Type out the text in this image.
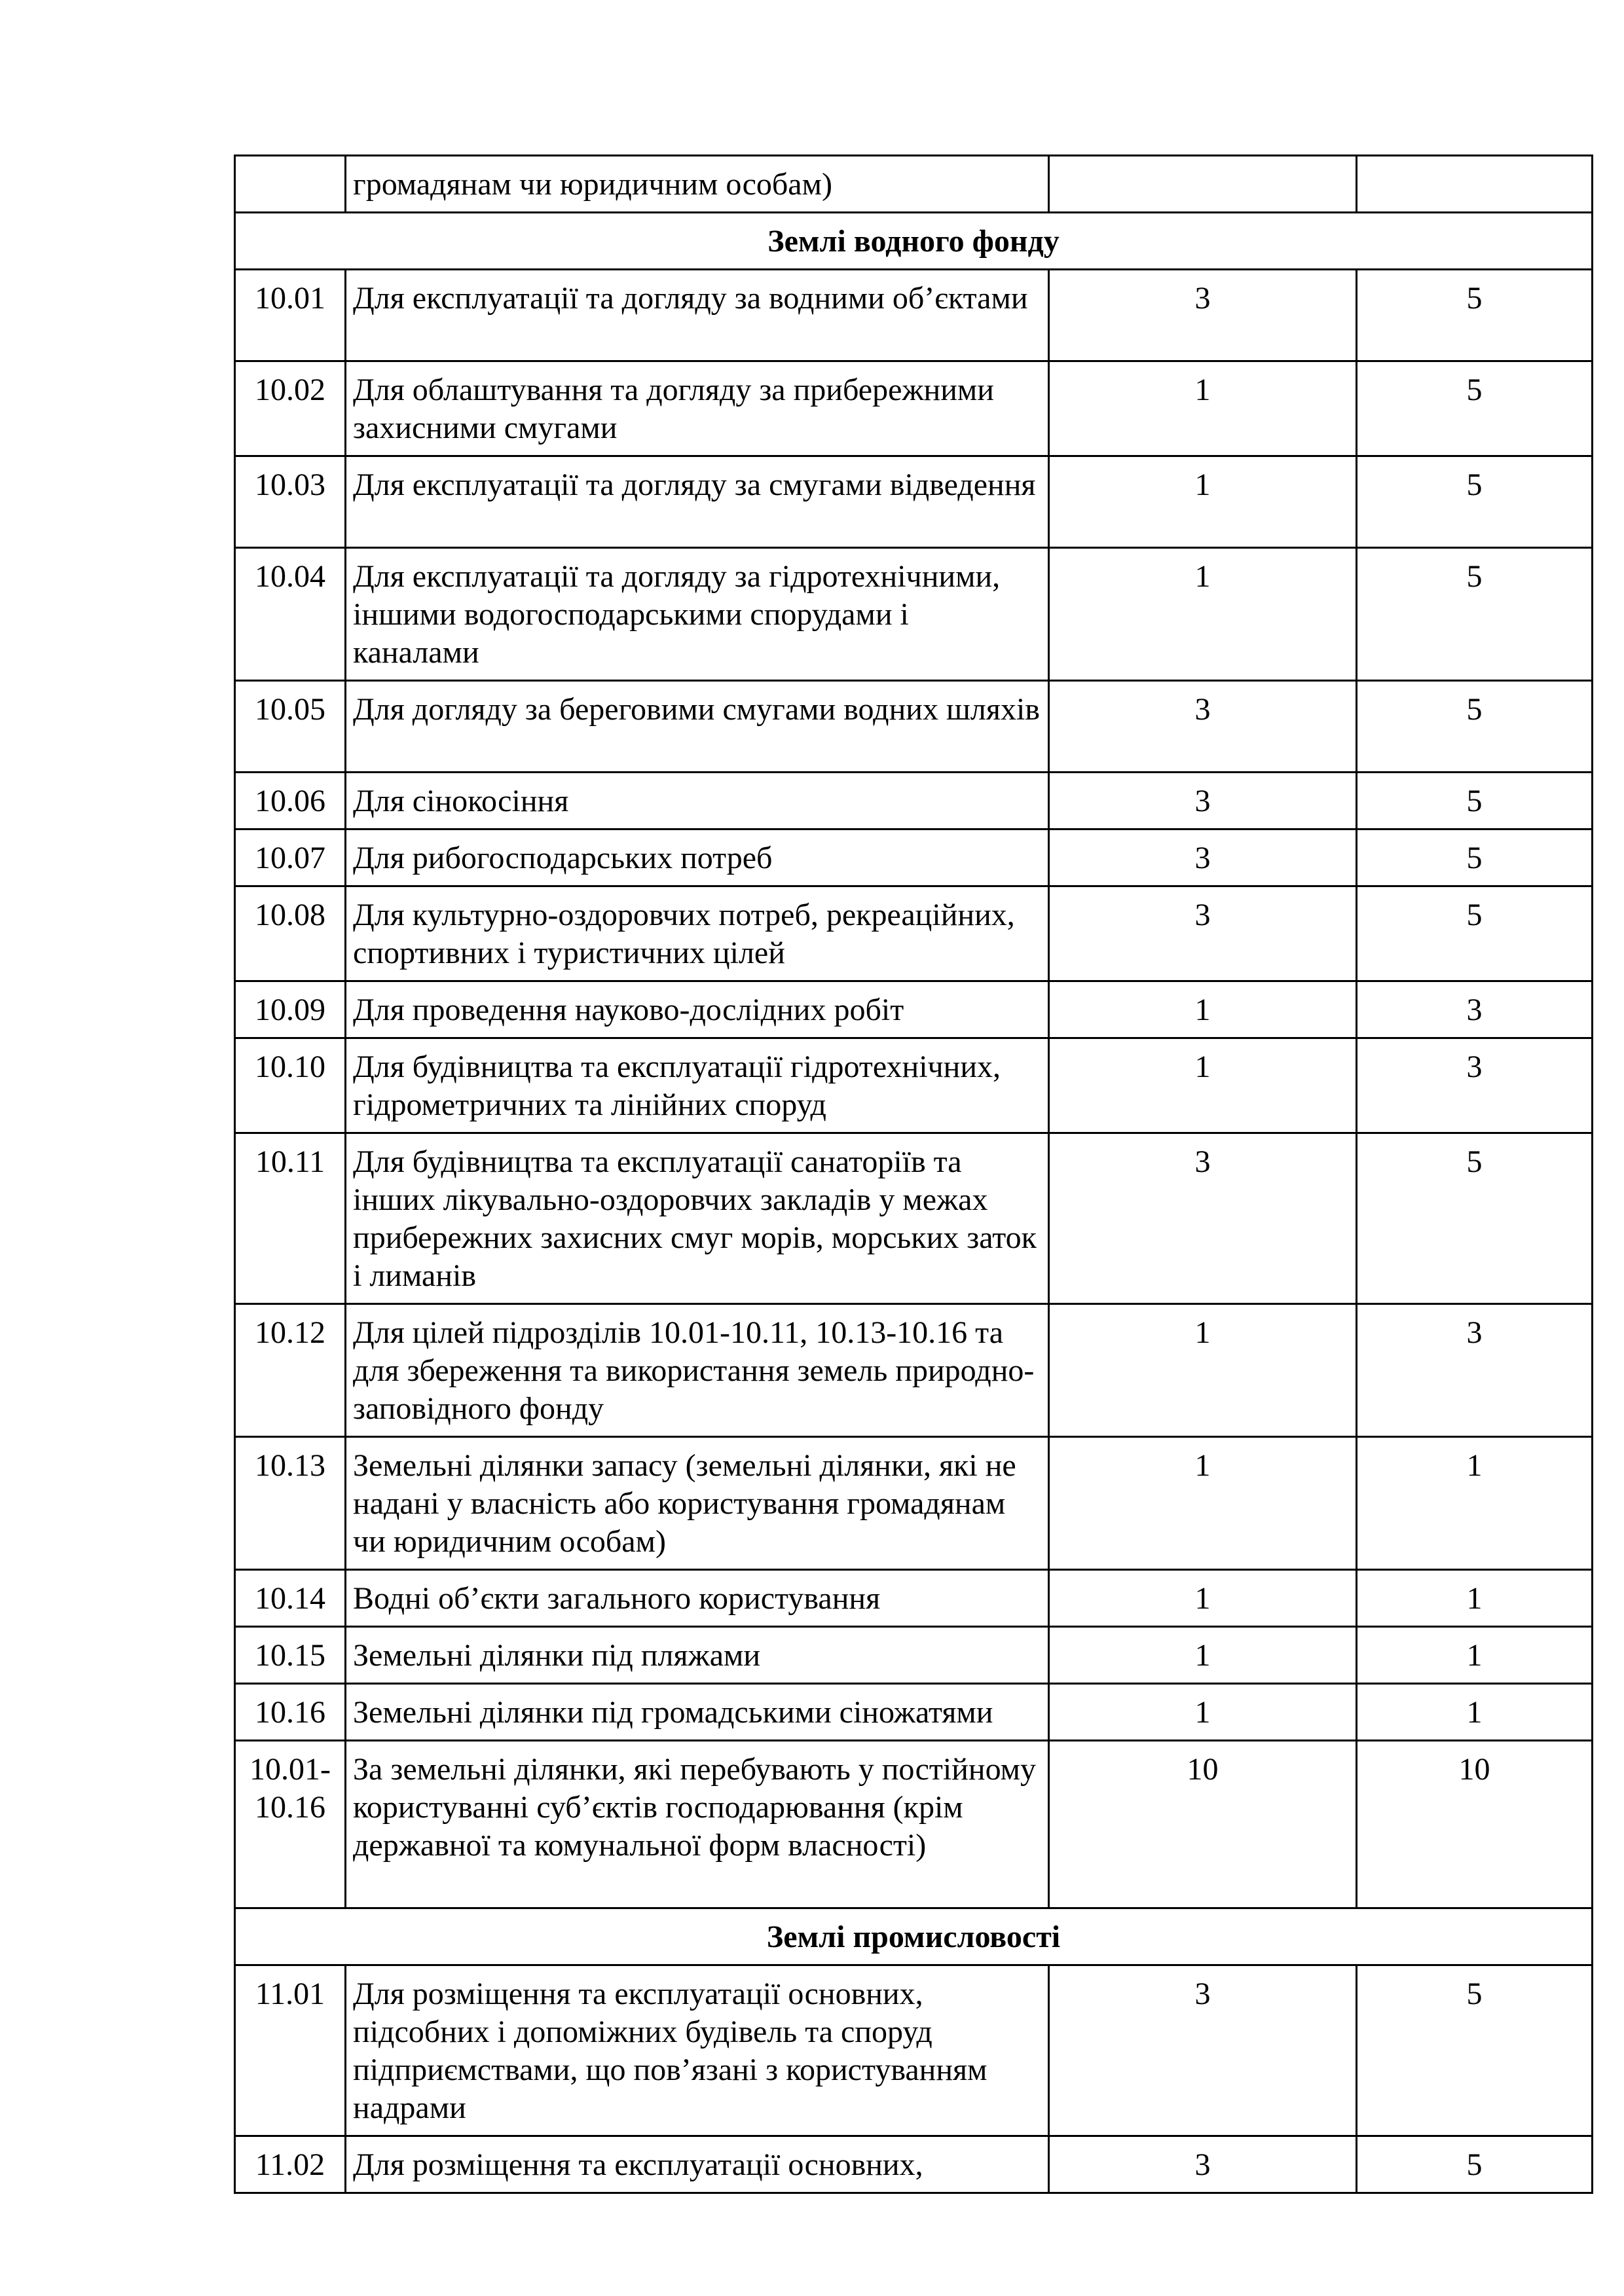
	громадянам чи юридичним особам)		
Землі водного фонду			
10.01	Для експлуатації та догляду за водними об’єктами	3	5
10.02	Для облаштування та догляду за прибережними захисними смугами	1	5
10.03	Для експлуатації та догляду за смугами відведення	1	5
10.04	Для експлуатації та догляду за гідротехнічними, іншими водогосподарськими спорудами і каналами	1	5
10.05	Для догляду за береговими смугами водних шляхів	3	5
10.06	Для сінокосіння	3	5
10.07	Для рибогосподарських потреб	3	5
10.08	Для культурно-оздоровчих потреб, рекреаційних, спортивних і туристичних цілей	3	5
10.09	Для проведення науково-дослідних робіт	1	3
10.10	Для будівництва та експлуатації гідротехнічних, гідрометричних та лінійних споруд	1	3
10.11	Для будівництва та експлуатації санаторіїв та інших лікувально-оздоровчих закладів у межах прибережних захисних смуг морів, морських заток і лиманів	3	5
10.12	Для цілей підрозділів 10.01-10.11, 10.13-10.16 та для збереження та використання земель природно-заповідного фонду	1	3
10.13	Земельні ділянки запасу (земельні ділянки, які не надані у власність або користування громадянам чи юридичним особам)	1	1
10.14	Водні об’єкти загального користування	1	1
10.15	Земельні ділянки під пляжами	1	1
10.16	Земельні ділянки під громадськими сіножатями	1	1
10.01-10.16	За земельні ділянки, які перебувають у постійному користуванні суб’єктів господарювання (крім державної та комунальної форм власності)	10	10
Землі промисловості			
11.01	Для розміщення та експлуатації основних, підсобних і допоміжних будівель та споруд підприємствами, що пов’язані з користуванням надрами	3	5
11.02	Для розміщення та експлуатації основних,	3	5
